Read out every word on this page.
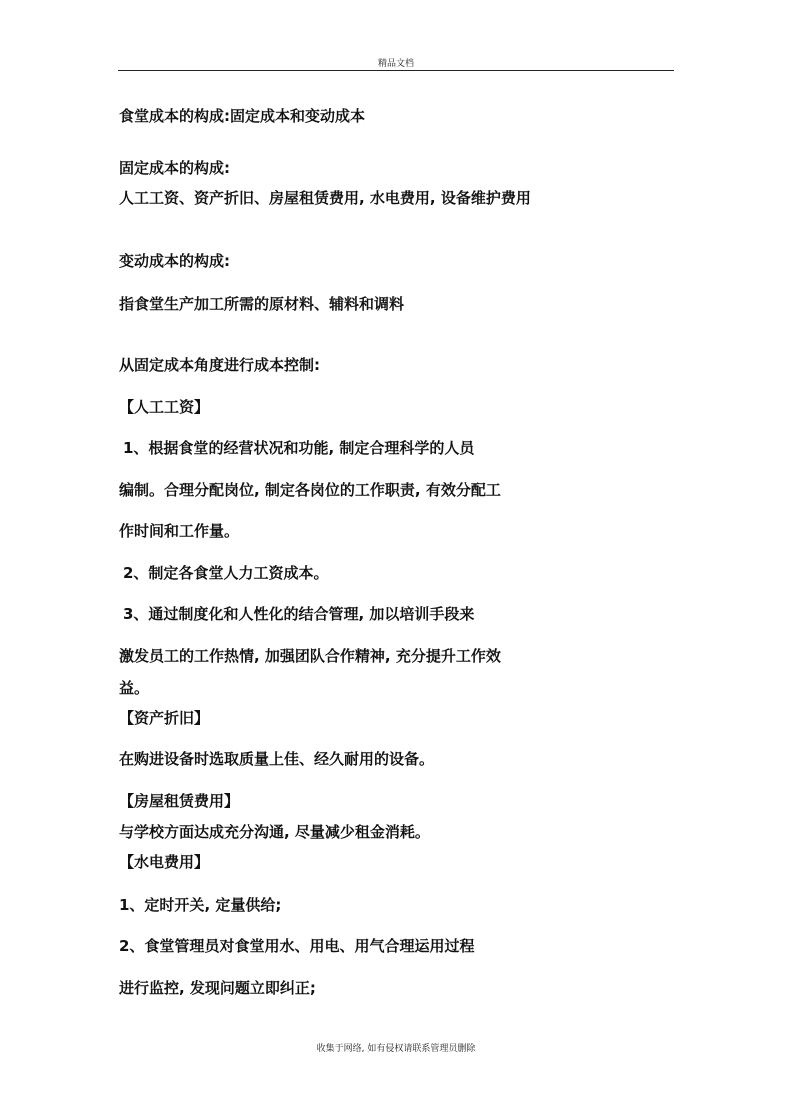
精品文档
食堂成本的构成:固定成本和变动成本
固定成本的构成:
人工工资、资产折旧、房屋租赁费用, 水电费用, 设备维护费用
变动成本的构成:
指食堂生产加工所需的原材料、辅料和调料
从固定成本角度进行成本控制:
【人工工资】
1、根据食堂的经营状况和功能, 制定合理科学的人员
编制。合理分配岗位, 制定各岗位的工作职责, 有效分配工
作时间和工作量。
2、制定各食堂人力工资成本。
3、通过制度化和人性化的结合管理, 加以培训手段来
激发员工的工作热情, 加强团队合作精神, 充分提升工作效
益。
【资产折旧】
在购进设备时选取质量上佳、经久耐用的设备。
【房屋租赁费用】
与学校方面达成充分沟通, 尽量减少租金消耗。
【水电费用】
1、定时开关, 定量供给;
2、食堂管理员对食堂用水、用电、用气合理运用过程
进行监控, 发现问题立即纠正;
收集于网络, 如有侵权请联系管理员删除
